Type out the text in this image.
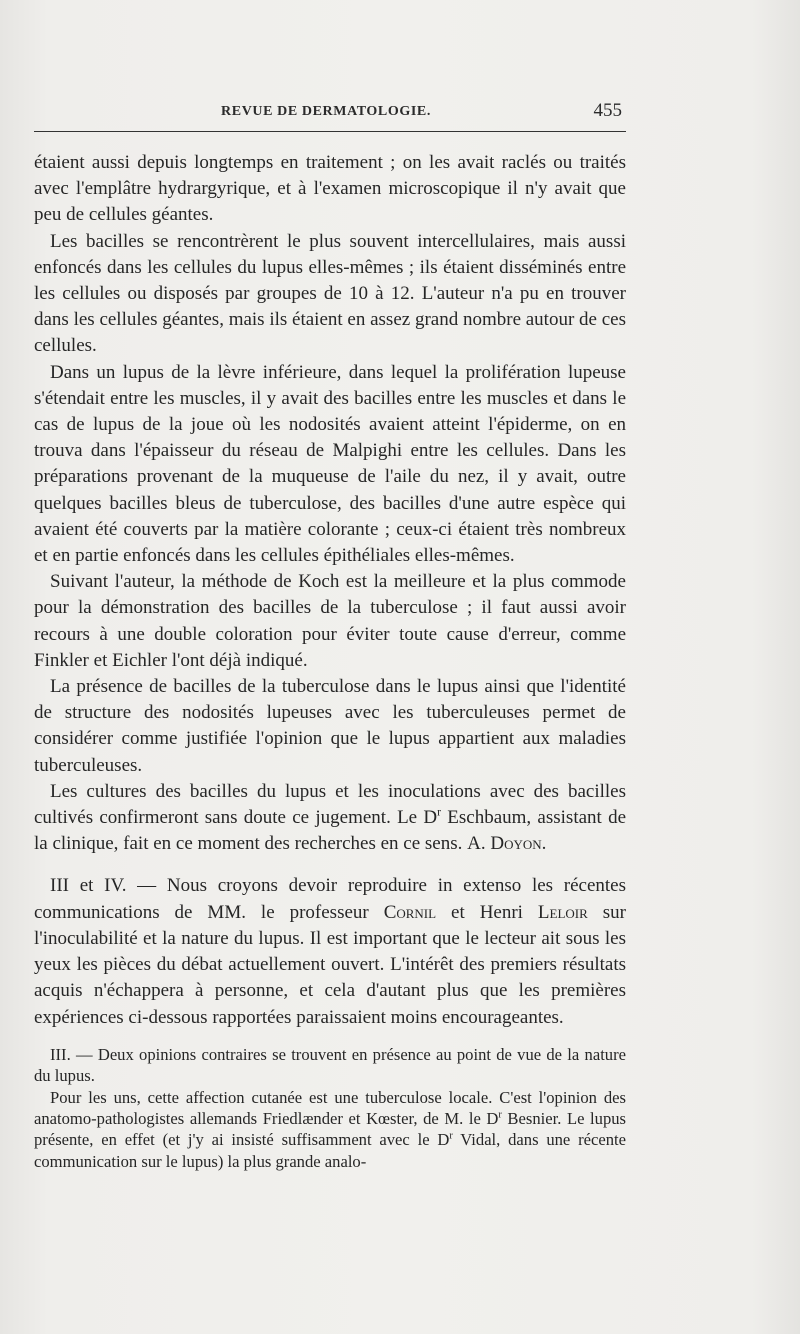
REVUE DE DERMATOLOGIE.	455

étaient aussi depuis longtemps en traitement ; on les avait raclés ou traités avec l'emplâtre hydrargyrique, et à l'examen microscopique il n'y avait que peu de cellules géantes.

Les bacilles se rencontrèrent le plus souvent intercellulaires, mais aussi enfoncés dans les cellules du lupus elles-mêmes ; ils étaient disséminés entre les cellules ou disposés par groupes de 10 à 12. L'auteur n'a pu en trouver dans les cellules géantes, mais ils étaient en assez grand nombre autour de ces cellules.

Dans un lupus de la lèvre inférieure, dans lequel la prolifération lupeuse s'étendait entre les muscles, il y avait des bacilles entre les muscles et dans le cas de lupus de la joue où les nodosités avaient atteint l'épiderme, on en trouva dans l'épaisseur du réseau de Malpighi entre les cellules. Dans les préparations provenant de la muqueuse de l'aile du nez, il y avait, outre quelques bacilles bleus de tuberculose, des bacilles d'une autre espèce qui avaient été couverts par la matière colorante ; ceux-ci étaient très nombreux et en partie enfoncés dans les cellules épithéliales elles-mêmes.

Suivant l'auteur, la méthode de Koch est la meilleure et la plus commode pour la démonstration des bacilles de la tuberculose ; il faut aussi avoir recours à une double coloration pour éviter toute cause d'erreur, comme Finkler et Eichler l'ont déjà indiqué.

La présence de bacilles de la tuberculose dans le lupus ainsi que l'identité de structure des nodosités lupeuses avec les tuberculeuses permet de considérer comme justifiée l'opinion que le lupus appartient aux maladies tuberculeuses.

Les cultures des bacilles du lupus et les inoculations avec des bacilles cultivés confirmeront sans doute ce jugement. Le $D^r$ Eschbaum, assistant de la clinique, fait en ce moment des recherches en ce sens. A. Doyon.

III et IV. — Nous croyons devoir reproduire in extenso les récentes communications de MM. le professeur Cornil et Henri Leloir sur l'inoculabilité et la nature du lupus. Il est important que le lecteur ait sous les yeux les pièces du débat actuellement ouvert. L'intérêt des premiers résultats acquis n'échappera à personne, et cela d'autant plus que les premières expériences ci-dessous rapportées paraissaient moins encourageantes.

III. — Deux opinions contraires se trouvent en présence au point de vue de la nature du lupus.

Pour les uns, cette affection cutanée est une tuberculose locale. C'est l'opinion des anatomo-pathologistes allemands Friedlænder et Kœster, de M. le $D^r$ Besnier. Le lupus présente, en effet (et j'y ai insisté suffisamment avec le $D^r$ Vidal, dans une récente communication sur le lupus) la plus grande analo-
